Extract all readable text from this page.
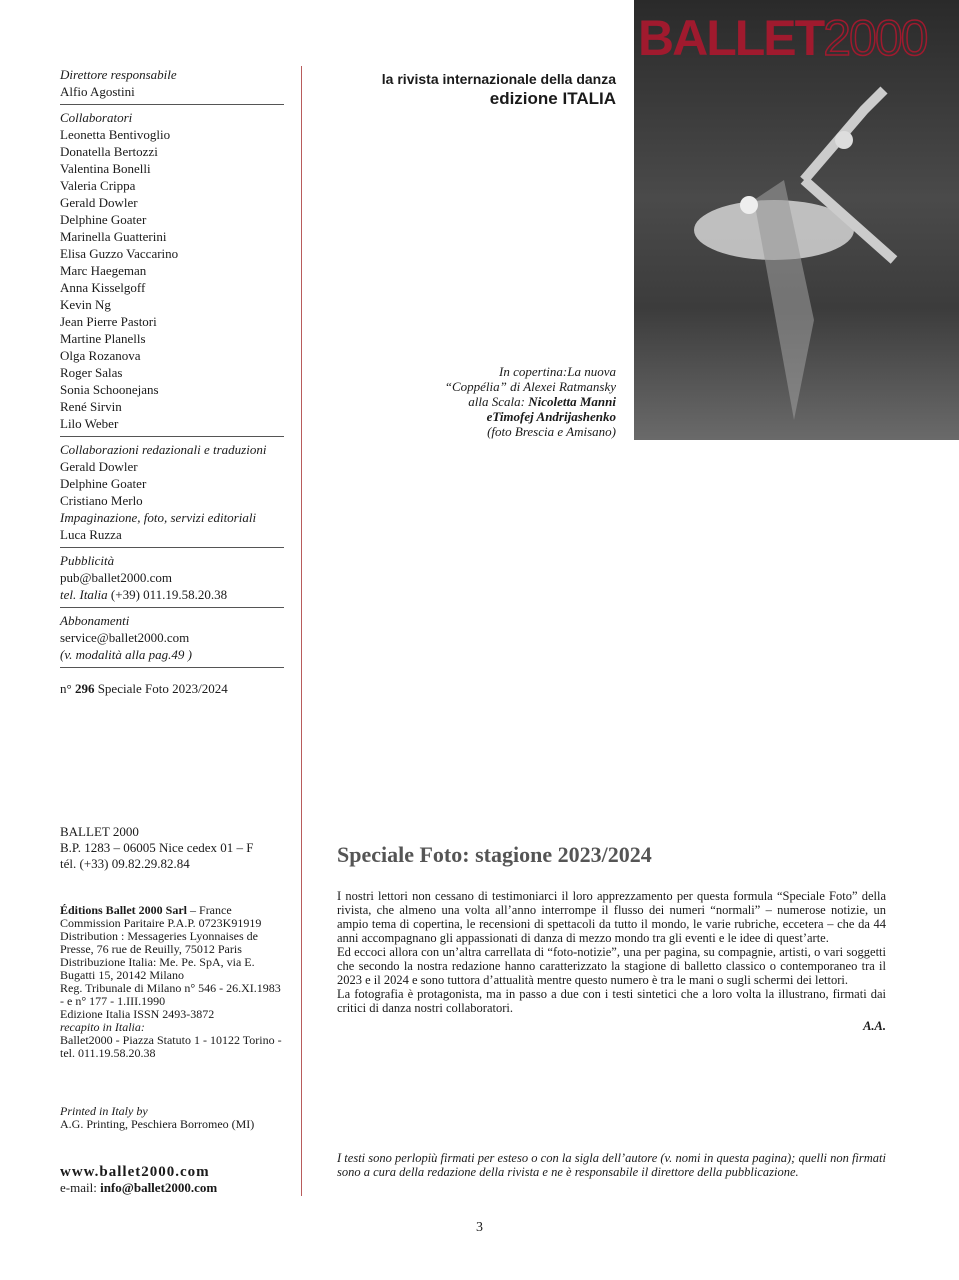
Direttore responsabile
Alfio Agostini
Collaboratori
Leonetta Bentivoglio
Donatella Bertozzi
Valentina Bonelli
Valeria Crippa
Gerald Dowler
Delphine Goater
Marinella Guatterini
Elisa Guzzo Vaccarino
Marc Haegeman
Anna Kisselgoff
Kevin Ng
Jean Pierre Pastori
Martine Planells
Olga Rozanova
Roger Salas
Sonia Schoonejans
René Sirvin
Lilo Weber
Collaborazioni redazionali e traduzioni
Gerald Dowler
Delphine Goater
Cristiano Merlo
Impaginazione, foto, servizi editoriali
Luca Ruzza
Pubblicità
pub@ballet2000.com
tel. Italia (+39) 011.19.58.20.38
Abbonamenti
service@ballet2000.com
(v. modalità alla pag.49 )
n° 296 Speciale Foto 2023/2024
BALLET 2000
B.P. 1283 – 06005 Nice cedex 01 – F
tél. (+33) 09.82.29.82.84
Éditions Ballet 2000 Sarl – France Commission Paritaire P.A.P. 0723K91919
Distribution : Messageries Lyonnaises de Presse, 76 rue de Reuilly, 75012 Paris
Distribuzione Italia: Me. Pe. SpA, via E. Bugatti 15, 20142 Milano
Reg. Tribunale di Milano n° 546 - 26.XI.1983 - e n° 177 - 1.III.1990
Edizione Italia ISSN 2493-3872
recapito in Italia:
Ballet2000 - Piazza Statuto 1 - 10122 Torino - tel. 011.19.58.20.38
Printed in Italy by
A.G. Printing, Peschiera Borromeo (MI)
www.ballet2000.com
e-mail: info@ballet2000.com
la rivista internazionale della danza
edizione ITALIA
In copertina:La nuova
“Coppélia” di Alexei Ratmansky
alla Scala: Nicoletta Manni
eTimofej Andrijashenko
(foto Brescia e Amisano)
BALLET2000
Speciale Foto: stagione 2023/2024

I nostri lettori non cessano di testimoniarci il loro apprezzamento per questa formula “Speciale Foto” della rivista, che almeno una volta all’anno interrompe il flusso dei numeri “normali” – numerose notizie, un ampio tema di copertina, le recensioni di spettacoli da tutto il mondo, le varie rubriche, eccetera – che da 44 anni accompagnano gli appassionati di danza di mezzo mondo tra gli eventi e le idee di quest’arte.

Ed eccoci allora con un’altra carrellata di “foto-notizie”, una per pagina, su compagnie, artisti, o vari soggetti che secondo la nostra redazione hanno caratterizzato la stagione di balletto classico o contemporaneo tra il 2023 e il 2024 e sono tuttora d’attualità mentre questo numero è tra le mani o sugli schermi dei lettori.

La fotografia è protagonista, ma in passo a due con i testi sintetici che a loro volta la illustrano, firmati dai critici di danza nostri collaboratori.

A.A.
I testi sono perlopiù firmati per esteso o con la sigla dell’autore (v. nomi in questa pagina); quelli non firmati sono a cura della redazione della rivista e ne è responsabile il direttore della pubblicazione.
3
